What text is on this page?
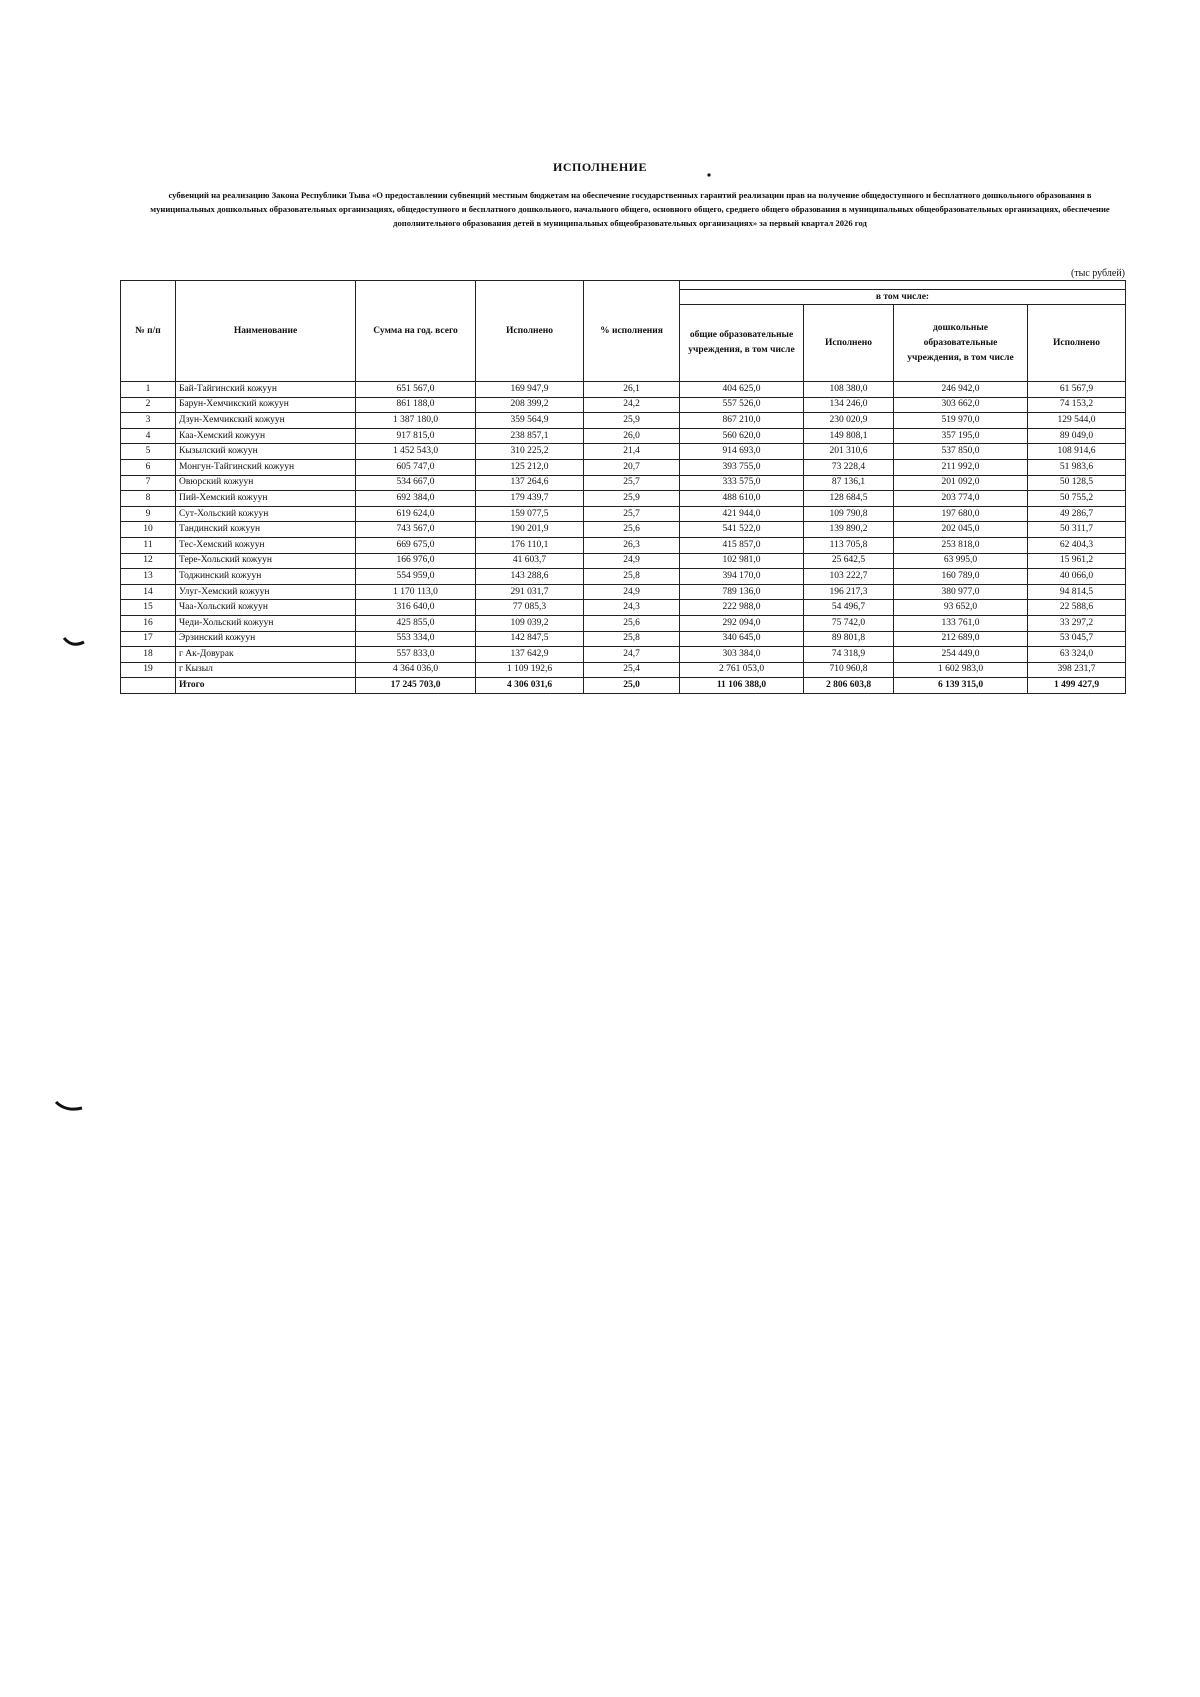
ИСПОЛНЕНИЕ
субвенций на реализацию Закона Республики Тыва «О предоставлении субвенций местным бюджетам на обеспечение государственных гарантий реализации прав на получение общедоступного и бесплатного дошкольного образования в муниципальных дошкольных образовательных организациях, общедоступного и бесплатного дошкольного, начального общего, основного общего, среднего общего образования в муниципальных общеобразовательных организациях, обеспечение дополнительного образования детей в муниципальных общеобразовательных организациях» за первый квартал 2026 год
(тыс рублей)
№ п/п	Наименование	Сумма на год. всего	Исполнено	% исполнения				
					в том числе:			
					общие образовательные учреждения, в том числе	Исполнено	дошкольные образовательные учреждения, в том числе	Исполнено
1	Бай-Тайгинский кожуун	651 567,0	169 947,9	26,1	404 625,0	108 380,0	246 942,0	61 567,9
2	Барун-Хемчикский кожуун	861 188,0	208 399,2	24,2	557 526,0	134 246,0	303 662,0	74 153,2
3	Дзун-Хемчикский кожуун	1 387 180,0	359 564,9	25,9	867 210,0	230 020,9	519 970,0	129 544,0
4	Каа-Хемский кожуун	917 815,0	238 857,1	26,0	560 620,0	149 808,1	357 195,0	89 049,0
5	Кызылский кожуун	1 452 543,0	310 225,2	21,4	914 693,0	201 310,6	537 850,0	108 914,6
6	Монгун-Тайгинский кожуун	605 747,0	125 212,0	20,7	393 755,0	73 228,4	211 992,0	51 983,6
7	Овюрский кожуун	534 667,0	137 264,6	25,7	333 575,0	87 136,1	201 092,0	50 128,5
8	Пий-Хемский кожуун	692 384,0	179 439,7	25,9	488 610,0	128 684,5	203 774,0	50 755,2
9	Сут-Хольский кожуун	619 624,0	159 077,5	25,7	421 944,0	109 790,8	197 680,0	49 286,7
10	Тандинский кожуун	743 567,0	190 201,9	25,6	541 522,0	139 890,2	202 045,0	50 311,7
11	Тес-Хемский кожуун	669 675,0	176 110,1	26,3	415 857,0	113 705,8	253 818,0	62 404,3
12	Тере-Хольский кожуун	166 976,0	41 603,7	24,9	102 981,0	25 642,5	63 995,0	15 961,2
13	Тоджинский кожуун	554 959,0	143 288,6	25,8	394 170,0	103 222,7	160 789,0	40 066,0
14	Улуг-Хемский кожуун	1 170 113,0	291 031,7	24,9	789 136,0	196 217,3	380 977,0	94 814,5
15	Чаа-Хольский кожуун	316 640,0	77 085,3	24,3	222 988,0	54 496,7	93 652,0	22 588,6
16	Чеди-Хольский кожуун	425 855,0	109 039,2	25,6	292 094,0	75 742,0	133 761,0	33 297,2
17	Эрзинский кожуун	553 334,0	142 847,5	25,8	340 645,0	89 801,8	212 689,0	53 045,7
18	г Ак-Довурак	557 833,0	137 642,9	24,7	303 384,0	74 318,9	254 449,0	63 324,0
19	г Кызыл	4 364 036,0	1 109 192,6	25,4	2 761 053,0	710 960,8	1 602 983,0	398 231,7
	Итого	17 245 703,0	4 306 031,6	25,0	11 106 388,0	2 806 603,8	6 139 315,0	1 499 427,9
